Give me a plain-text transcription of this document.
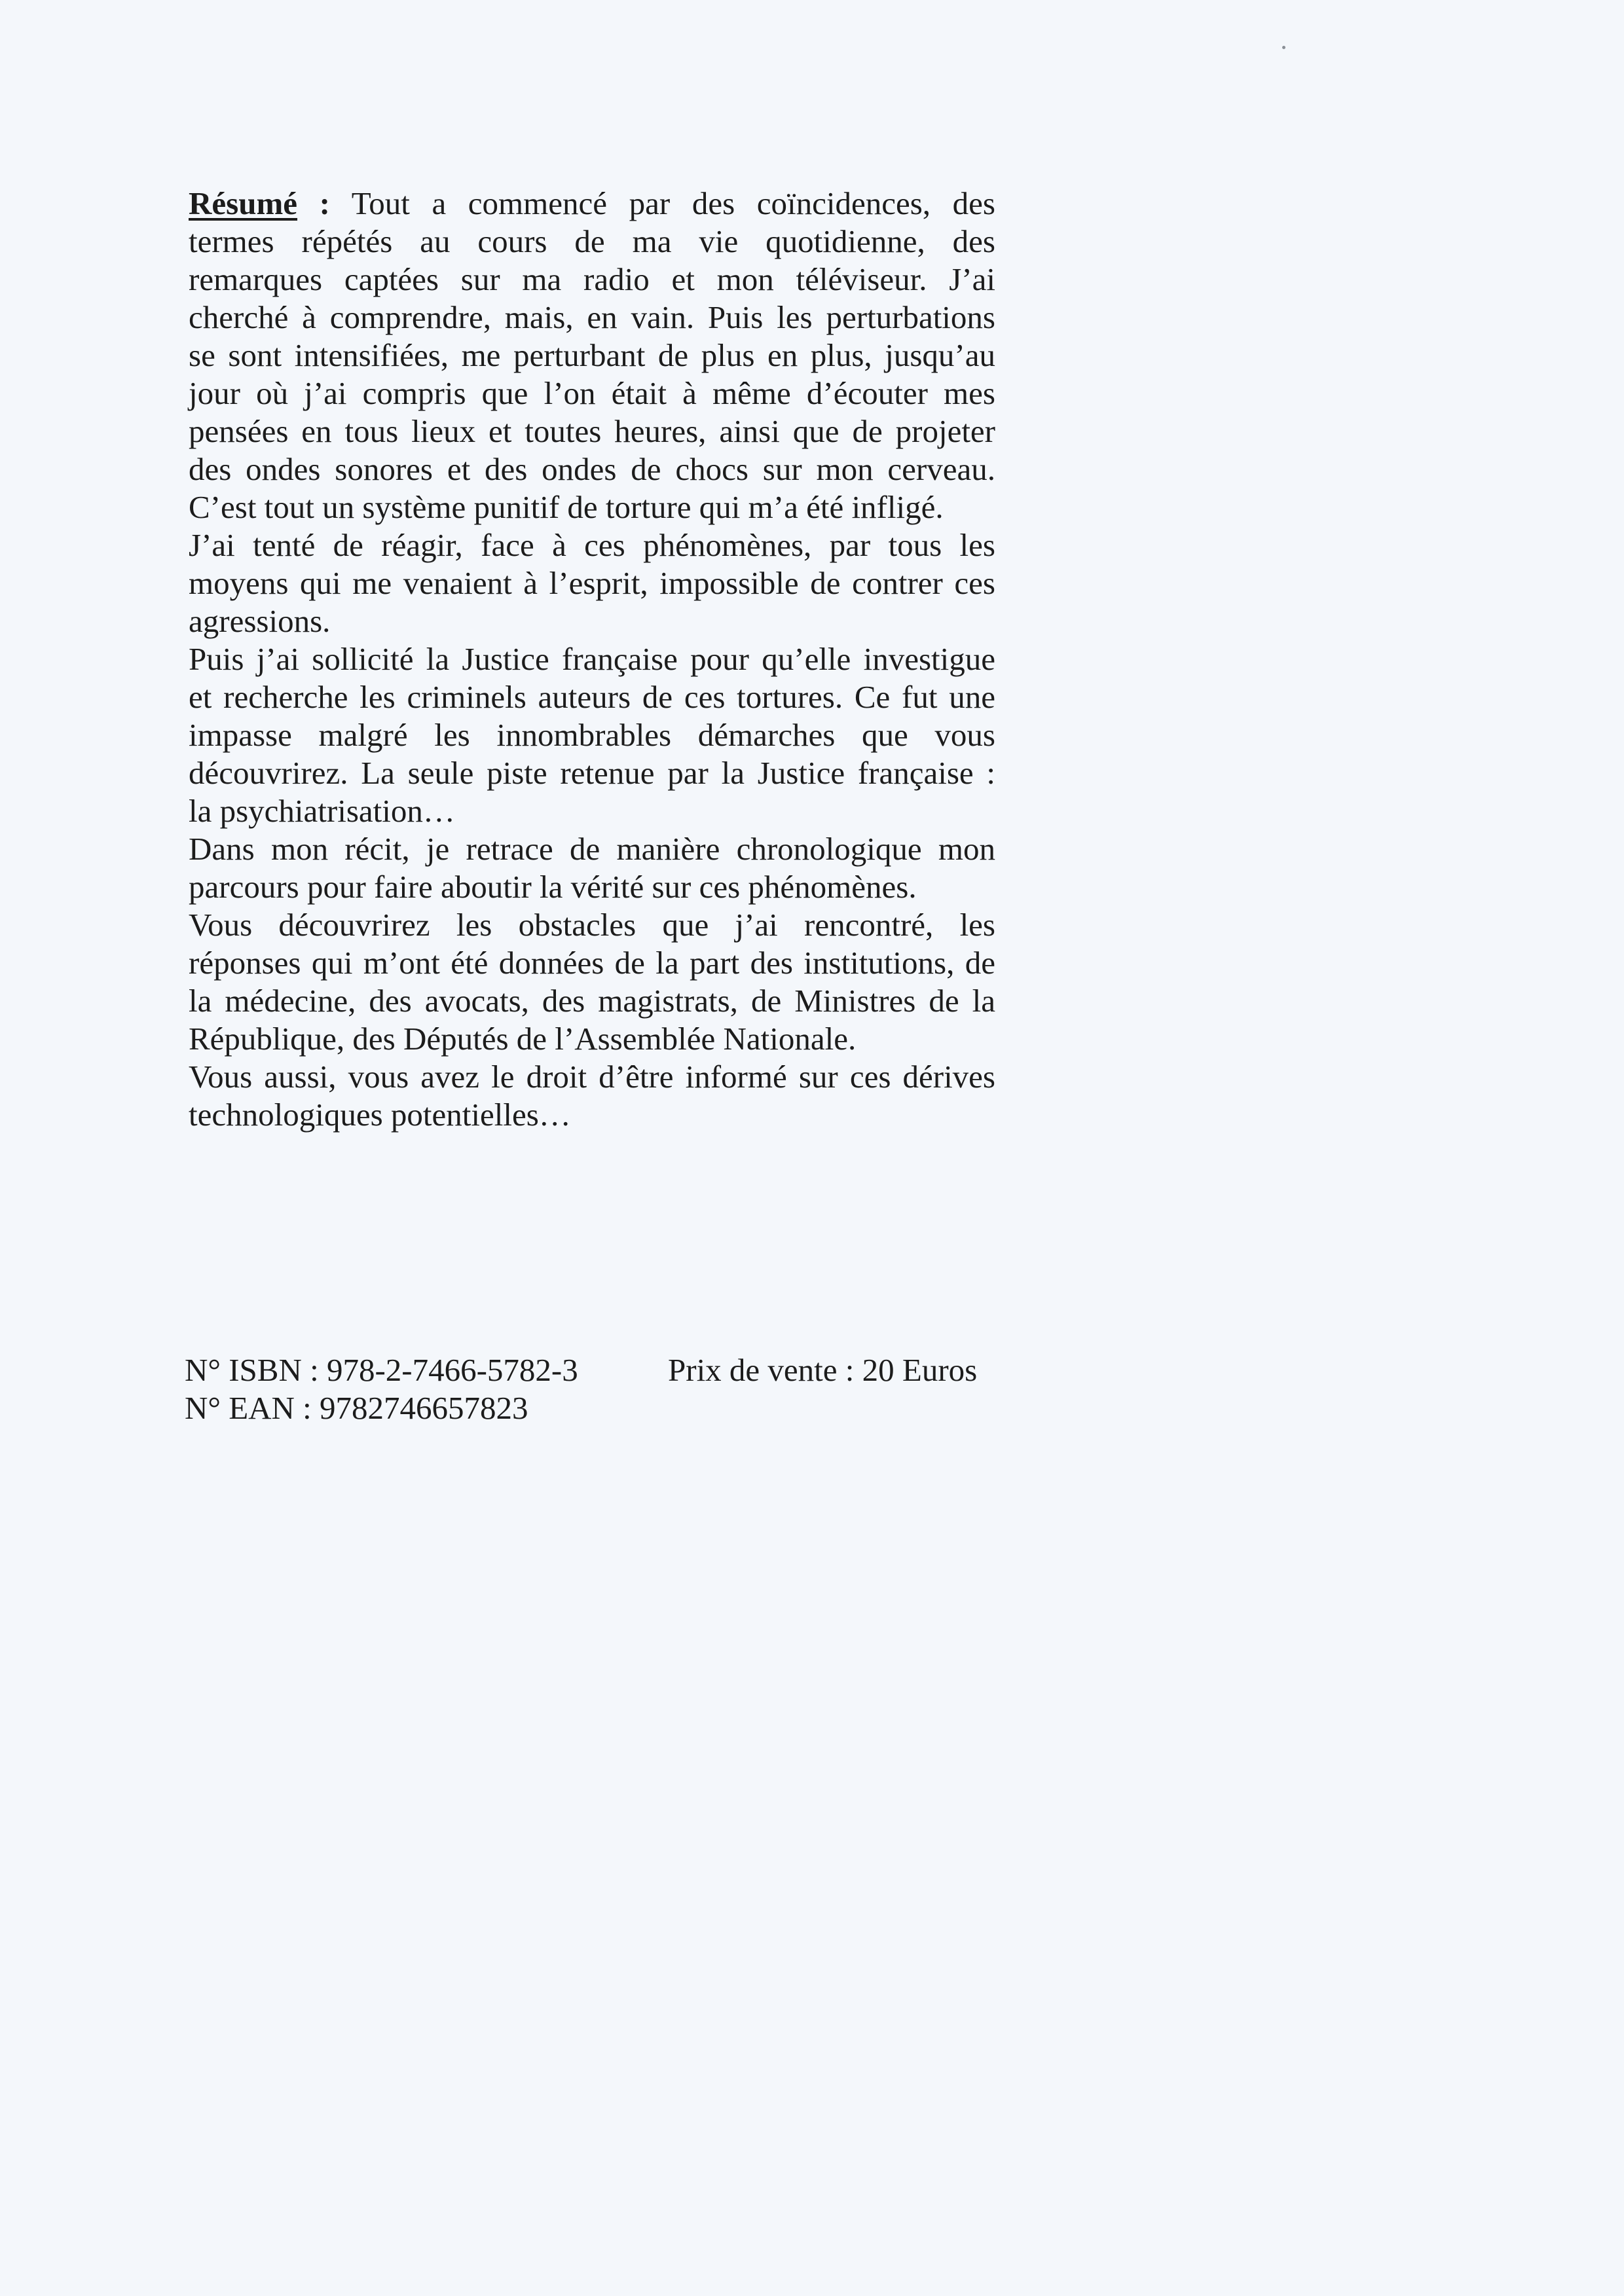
Résumé : Tout a commencé par des coïncidences, des
termes répétés au cours de ma vie quotidienne, des
remarques captées sur ma radio et mon téléviseur. J’ai
cherché à comprendre, mais, en vain. Puis les perturbations
se sont intensifiées, me perturbant de plus en plus, jusqu’au
jour où j’ai compris que l’on était à même d’écouter mes
pensées en tous lieux et toutes heures, ainsi que de projeter
des ondes sonores et des ondes de chocs sur mon cerveau.
C’est tout un système punitif de torture qui m’a été infligé.
J’ai tenté de réagir, face à ces phénomènes, par tous les
moyens qui me venaient à l’esprit, impossible de contrer ces
agressions.
Puis j’ai sollicité la Justice française pour qu’elle investigue
et recherche les criminels auteurs de ces tortures. Ce fut une
impasse malgré les innombrables démarches que vous
découvrirez. La seule piste retenue par la Justice française :
la psychiatrisation…
Dans mon récit, je retrace de manière chronologique mon
parcours pour faire aboutir la vérité sur ces phénomènes.
Vous découvrirez les obstacles que j’ai rencontré, les
réponses qui m’ont été données de la part des institutions, de
la médecine, des avocats, des magistrats, de Ministres de la
République, des Députés de l’Assemblée Nationale.
Vous aussi, vous avez le droit d’être informé sur ces dérives
technologiques potentielles…
N° ISBN : 978-2-7466-5782-3
N° EAN : 9782746657823
Prix de vente : 20 Euros
